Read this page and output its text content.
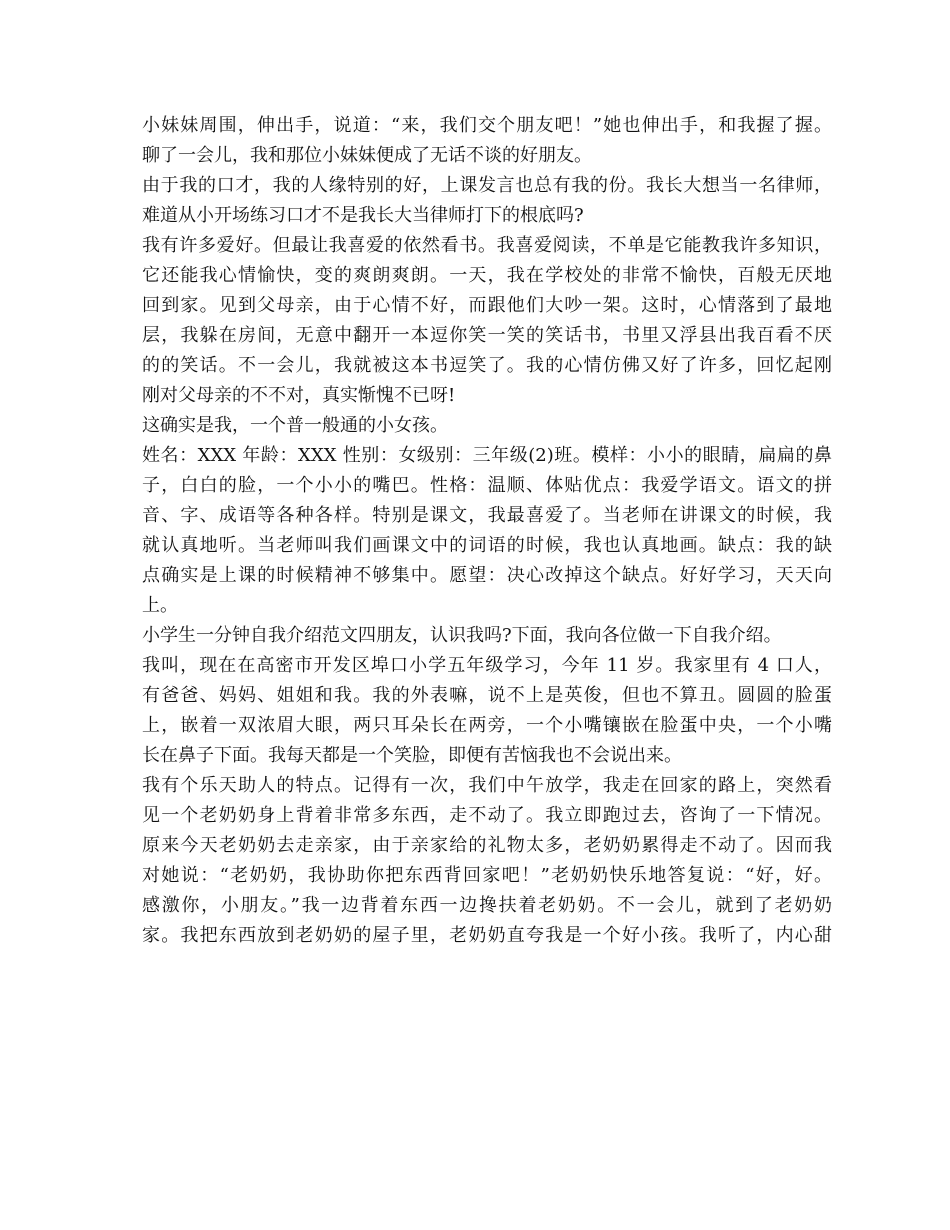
小妹妹周围，伸出手，说道：“来，我们交个朋友吧！”她也伸出手，和我握了握。
聊了一会儿，我和那位小妹妹便成了无话不谈的好朋友。
由于我的口才，我的人缘特别的好，上课发言也总有我的份。我长大想当一名律师，
难道从小开场练习口才不是我长大当律师打下的根底吗?
我有许多爱好。但最让我喜爱的依然看书。我喜爱阅读，不单是它能教我许多知识，
它还能我心情愉快，变的爽朗爽朗。一天，我在学校处的非常不愉快，百般无厌地
回到家。见到父母亲，由于心情不好，而跟他们大吵一架。这时，心情落到了最地
层，我躲在房间，无意中翻开一本逗你笑一笑的笑话书，书里又浮县出我百看不厌
的的笑话。不一会儿，我就被这本书逗笑了。我的心情仿佛又好了许多，回忆起刚
刚对父母亲的不不对，真实惭愧不已呀!
这确实是我，一个普一般通的小女孩。
姓名：XXX 年龄：XXX 性别：女级别：三年级(2)班。模样：小小的眼睛，扁扁的鼻
子，白白的脸，一个小小的嘴巴。性格：温顺、体贴优点：我爱学语文。语文的拼
音、字、成语等各种各样。特别是课文，我最喜爱了。当老师在讲课文的时候，我
就认真地听。当老师叫我们画课文中的词语的时候，我也认真地画。缺点：我的缺
点确实是上课的时候精神不够集中。愿望：决心改掉这个缺点。好好学习，天天向
上。
小学生一分钟自我介绍范文四朋友，认识我吗?下面，我向各位做一下自我介绍。
我叫，现在在高密市开发区埠口小学五年级学习，今年 11 岁。我家里有 4 口人，
有爸爸、妈妈、姐姐和我。我的外表嘛，说不上是英俊，但也不算丑。圆圆的脸蛋
上，嵌着一双浓眉大眼，两只耳朵长在两旁，一个小嘴镶嵌在脸蛋中央，一个小嘴
长在鼻子下面。我每天都是一个笑脸，即便有苦恼我也不会说出来。
我有个乐天助人的特点。记得有一次，我们中午放学，我走在回家的路上，突然看
见一个老奶奶身上背着非常多东西，走不动了。我立即跑过去，咨询了一下情况。
原来今天老奶奶去走亲家，由于亲家给的礼物太多，老奶奶累得走不动了。因而我
对她说：“老奶奶，我协助你把东西背回家吧！”老奶奶快乐地答复说：“好，好。
感激你，小朋友。”我一边背着东西一边搀扶着老奶奶。不一会儿，就到了老奶奶
家。我把东西放到老奶奶的屋子里，老奶奶直夸我是一个好小孩。我听了，内心甜
